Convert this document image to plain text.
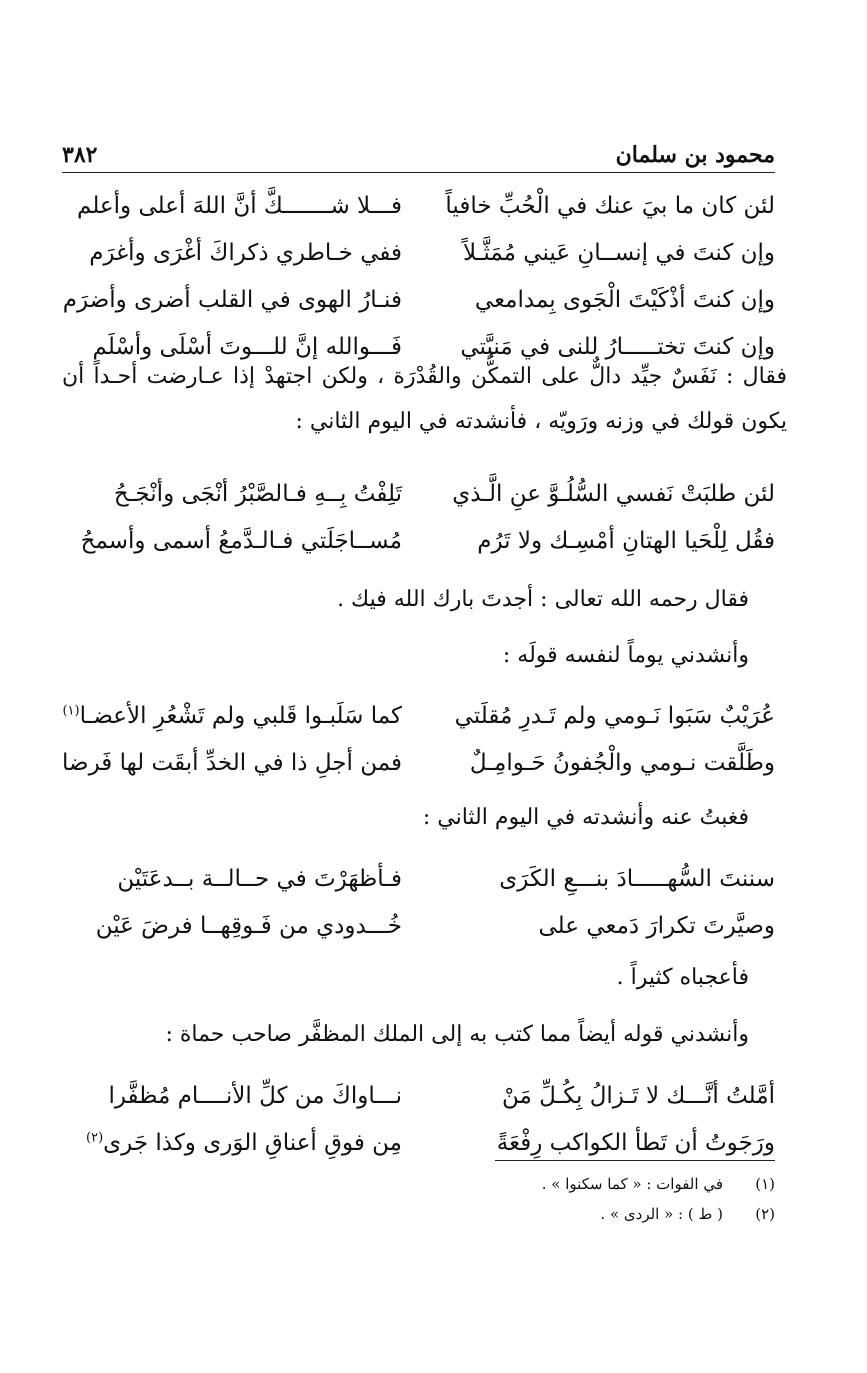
محمود بن سلمان
٣٨٢
لئن كان ما بيَ عنك في الْحُبِّ خافياً
فـــلا شـــــــكَّ أنَّ اللهَ أعلى وأعلم
وإن كنتَ في إنســانِ عَيني مُمَثَّـلاً
ففي خـاطري ذكراكَ أغْرَى وأغرَم
وإن كنتَ أذْكَيْتَ الْجَوى بِمدامعي
فنـارُ الهوى في القلب أضرى وأضرَم
وإن كنتَ تختـــــارُ للنى في مَنيَّتي
فَـــوالله إنَّ للـــوتَ أسْلَى وأسْلَم

فقال : نَفَسٌ جيِّد دالٌّ على التمكُّن والقُدْرَة ، ولكن اجتهدْ إذا عـارضت أحـداً أن يكون قولك في وزنه ورَويّه ، فأنشدته في اليوم الثاني :

لئن طلبَتْ نَفسي السُّلُـوَّ عنِ الَّـذي
تَلِفْتُ بِــهِ فـالصَّبْرُ أنْجَى وأنْجَـحُ
فقُل لِلْحَيا الهتانِ أمْسِـك ولا تَرُم
مُســاجَلَتي فـالـدَّمعُ أسمى وأسمحُ

فقال رحمه الله تعالى : أجدتَ بارك الله فيك .

وأنشدني يوماً لنفسه قولَه :

عُرَيْبٌ سَبَوا نَـومي ولم تَـدرِ مُقلَتي
كما سَلَبـوا قَلبي ولم تَشْعُرِ الأعضـا$^{(١)}$
وطَلَّقت نـومي والْجُفونُ حَـوامِـلٌ
فمن أجلِ ذا في الخدِّ أبقَت لها فَرضا

فغبتُ عنه وأنشدته في اليوم الثاني :

سننتَ السُّهـــــادَ بنـــعِ الكَرَى
فـأظهَرْتَ في حــالــة بــدعَتَيْن
وصيَّرتَ تكرارَ دَمعي على
خُـــدودي من فَـوقِهــا فرضَ عَيْن

فأعجباه كثيراً .

وأنشدني قوله أيضاً مما كتب به إلى الملك المظفَّر صاحب حماة :

أمَّلتُ أنَّـــك لا تَـزالُ بِكُـلِّ مَنْ
نـــاواكَ من كلِّ الأنــــام مُظفَّرا
ورَجَوتُ أن تَطأ الكواكب رِفْعَةً
مِن فوقِ أعناقِ الوَرى وكذا جَرى$^{(٢)}$
(١)
في الفوات : « كما سكنوا » .
(٢)
( ط ) : « الردى » .
